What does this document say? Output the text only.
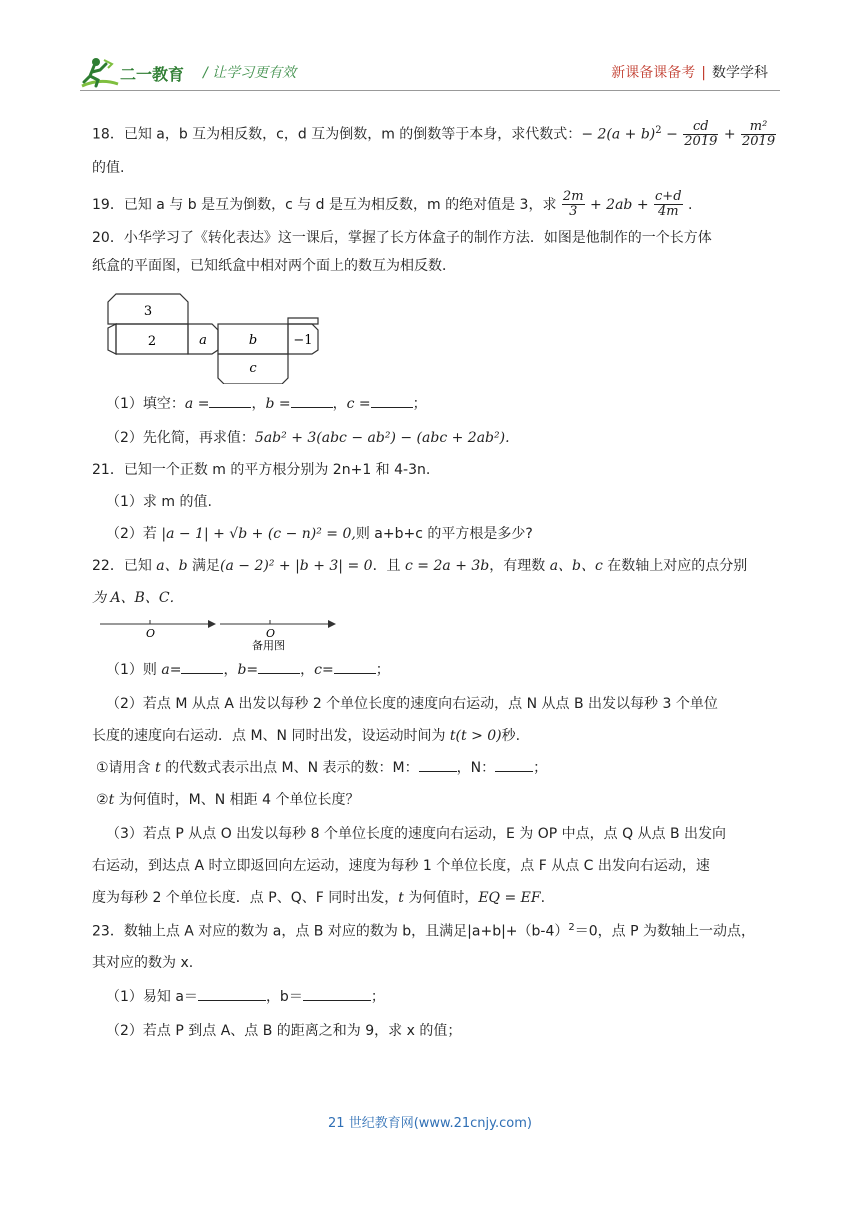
二一教育 / 让学习更有效	新课备课备考 | 数学学科

18．已知 a，b 互为相反数，c，d 互为倒数，m 的倒数等于本身，求代数式：− $2(a + b)^2 - \frac{cd}{2019} + \frac{\text{m²}}{2019}$

的值.

19．已知 a 与 b 是互为倒数，c 与 d 是互为相反数，m 的绝对值是 3，求 $\frac{2m}{3} + 2ab + \frac{c+d}{4m}$ .

20．小华学习了《转化表达》这一课后，掌握了长方体盒子的制作方法．如图是他制作的一个长方体

纸盒的平面图，已知纸盒中相对两个面上的数互为相反数．

3
2	a	b	−1
c

（1）填空：a =	，b =	，c =	；

（2）先化简，再求值：5ab² + 3(abc − ab²) − (abc + 2ab²).

21．已知一个正数 m 的平方根分别为 2n+1 和 4-3n.

（1）求 m 的值.

（2）若 |a − 1| + √b + (c − n)² = 0,则 a+b+c 的平方根是多少?

22．已知 a、b 满足(a − 2)² + |b + 3| = 0．且 c = 2a + 3b，有理数 a、b、c 在数轴上对应的点分别

为 A、B、C．

O	O
备用图

（1）则 a=	，b=	，c=	；

（2）若点 M 从点 A 出发以每秒 2 个单位长度的速度向右运动，点 N 从点 B 出发以每秒 3 个单位

长度的速度向右运动．点 M、N 同时出发，设运动时间为 t(t > 0)秒.

①请用含 t 的代数式表示出点 M、N 表示的数：M：	，N：	；

②t 为何值时，M、N 相距 4 个单位长度？

（3）若点 P 从点 O 出发以每秒 8 个单位长度的速度向右运动，E 为 OP 中点，点 Q 从点 B 出发向

右运动，到达点 A 时立即返回向左运动，速度为每秒 1 个单位长度，点 F 从点 C 出发向右运动，速

度为每秒 2 个单位长度．点 P、Q、F 同时出发，t 为何值时，EQ = EF.

23．数轴上点 A 对应的数为 a，点 B 对应的数为 b，且满足$|a+b|+(b-4)^2=0$，点 P 为数轴上一动点，

其对应的数为 x.

（1）易知 a＝	，b＝	；

（2）若点 P 到点 A、点 B 的距离之和为 9，求 x 的值；

21 世纪教育网(www.21cnjy.com)
